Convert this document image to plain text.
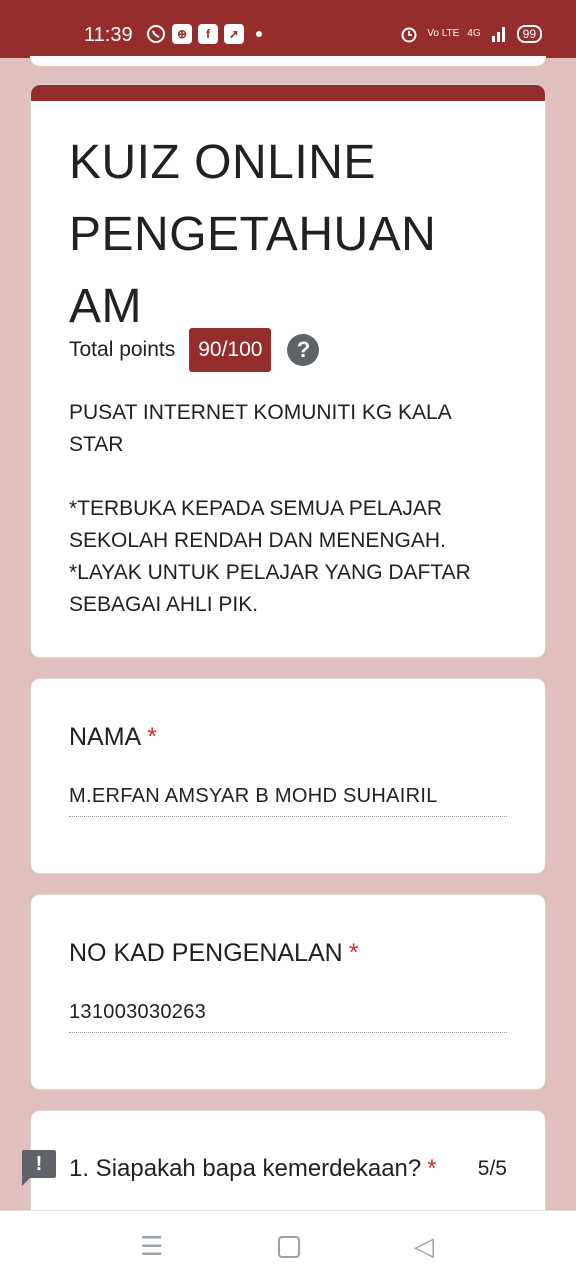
11:39	⊕	f	➚	Vo LTE 4G	99
KUIZ ONLINE PENGETAHUAN AM
Total points	90/100	?
PUSAT INTERNET KOMUNITI KG KALA STAR

*TERBUKA KEPADA SEMUA PELAJAR SEKOLAH RENDAH DAN MENENGAH.
*LAYAK UNTUK PELAJAR YANG DAFTAR SEBAGAI AHLI PIK.
NAMA *
M.ERFAN AMSYAR B MOHD SUHAIRIL
NO KAD PENGENALAN *
131003030263
1. Siapakah bapa kemerdekaan? * 5/5
!
☰	◁
